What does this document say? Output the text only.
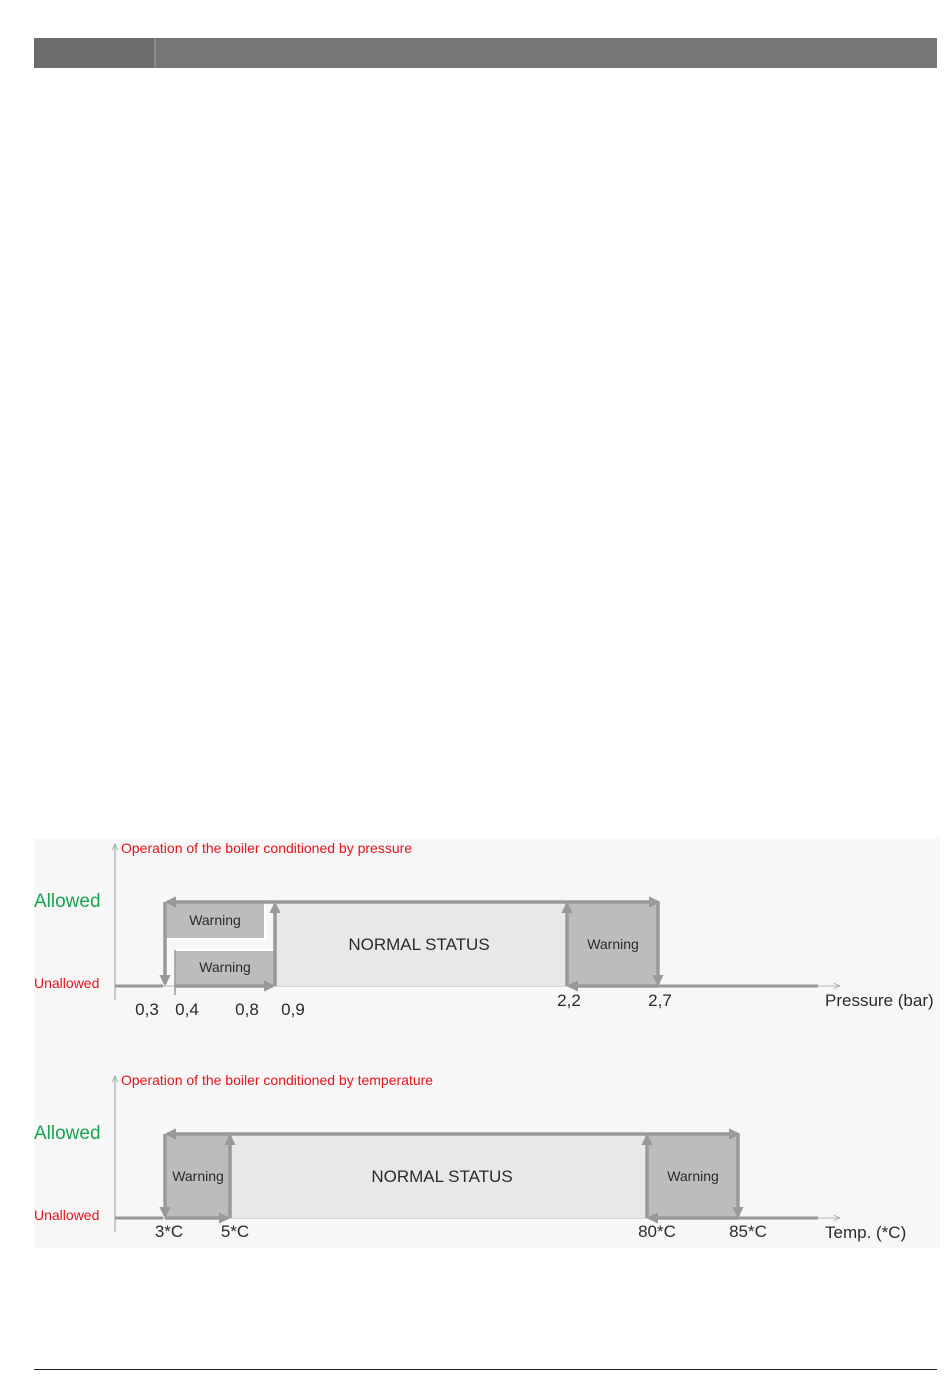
Operation of the boiler conditioned by pressure
Allowed
Unallowed
Warning
Warning
NORMAL STATUS	Warning
0,3 0,4 0,8 0,9	2,2	2,7	Pressure (bar)
Operation of the boiler conditioned by temperature
Allowed
Unallowed
Warning	NORMAL STATUS	Warning
3*C 5*C	80*C	85*C	Temp. (*C)
